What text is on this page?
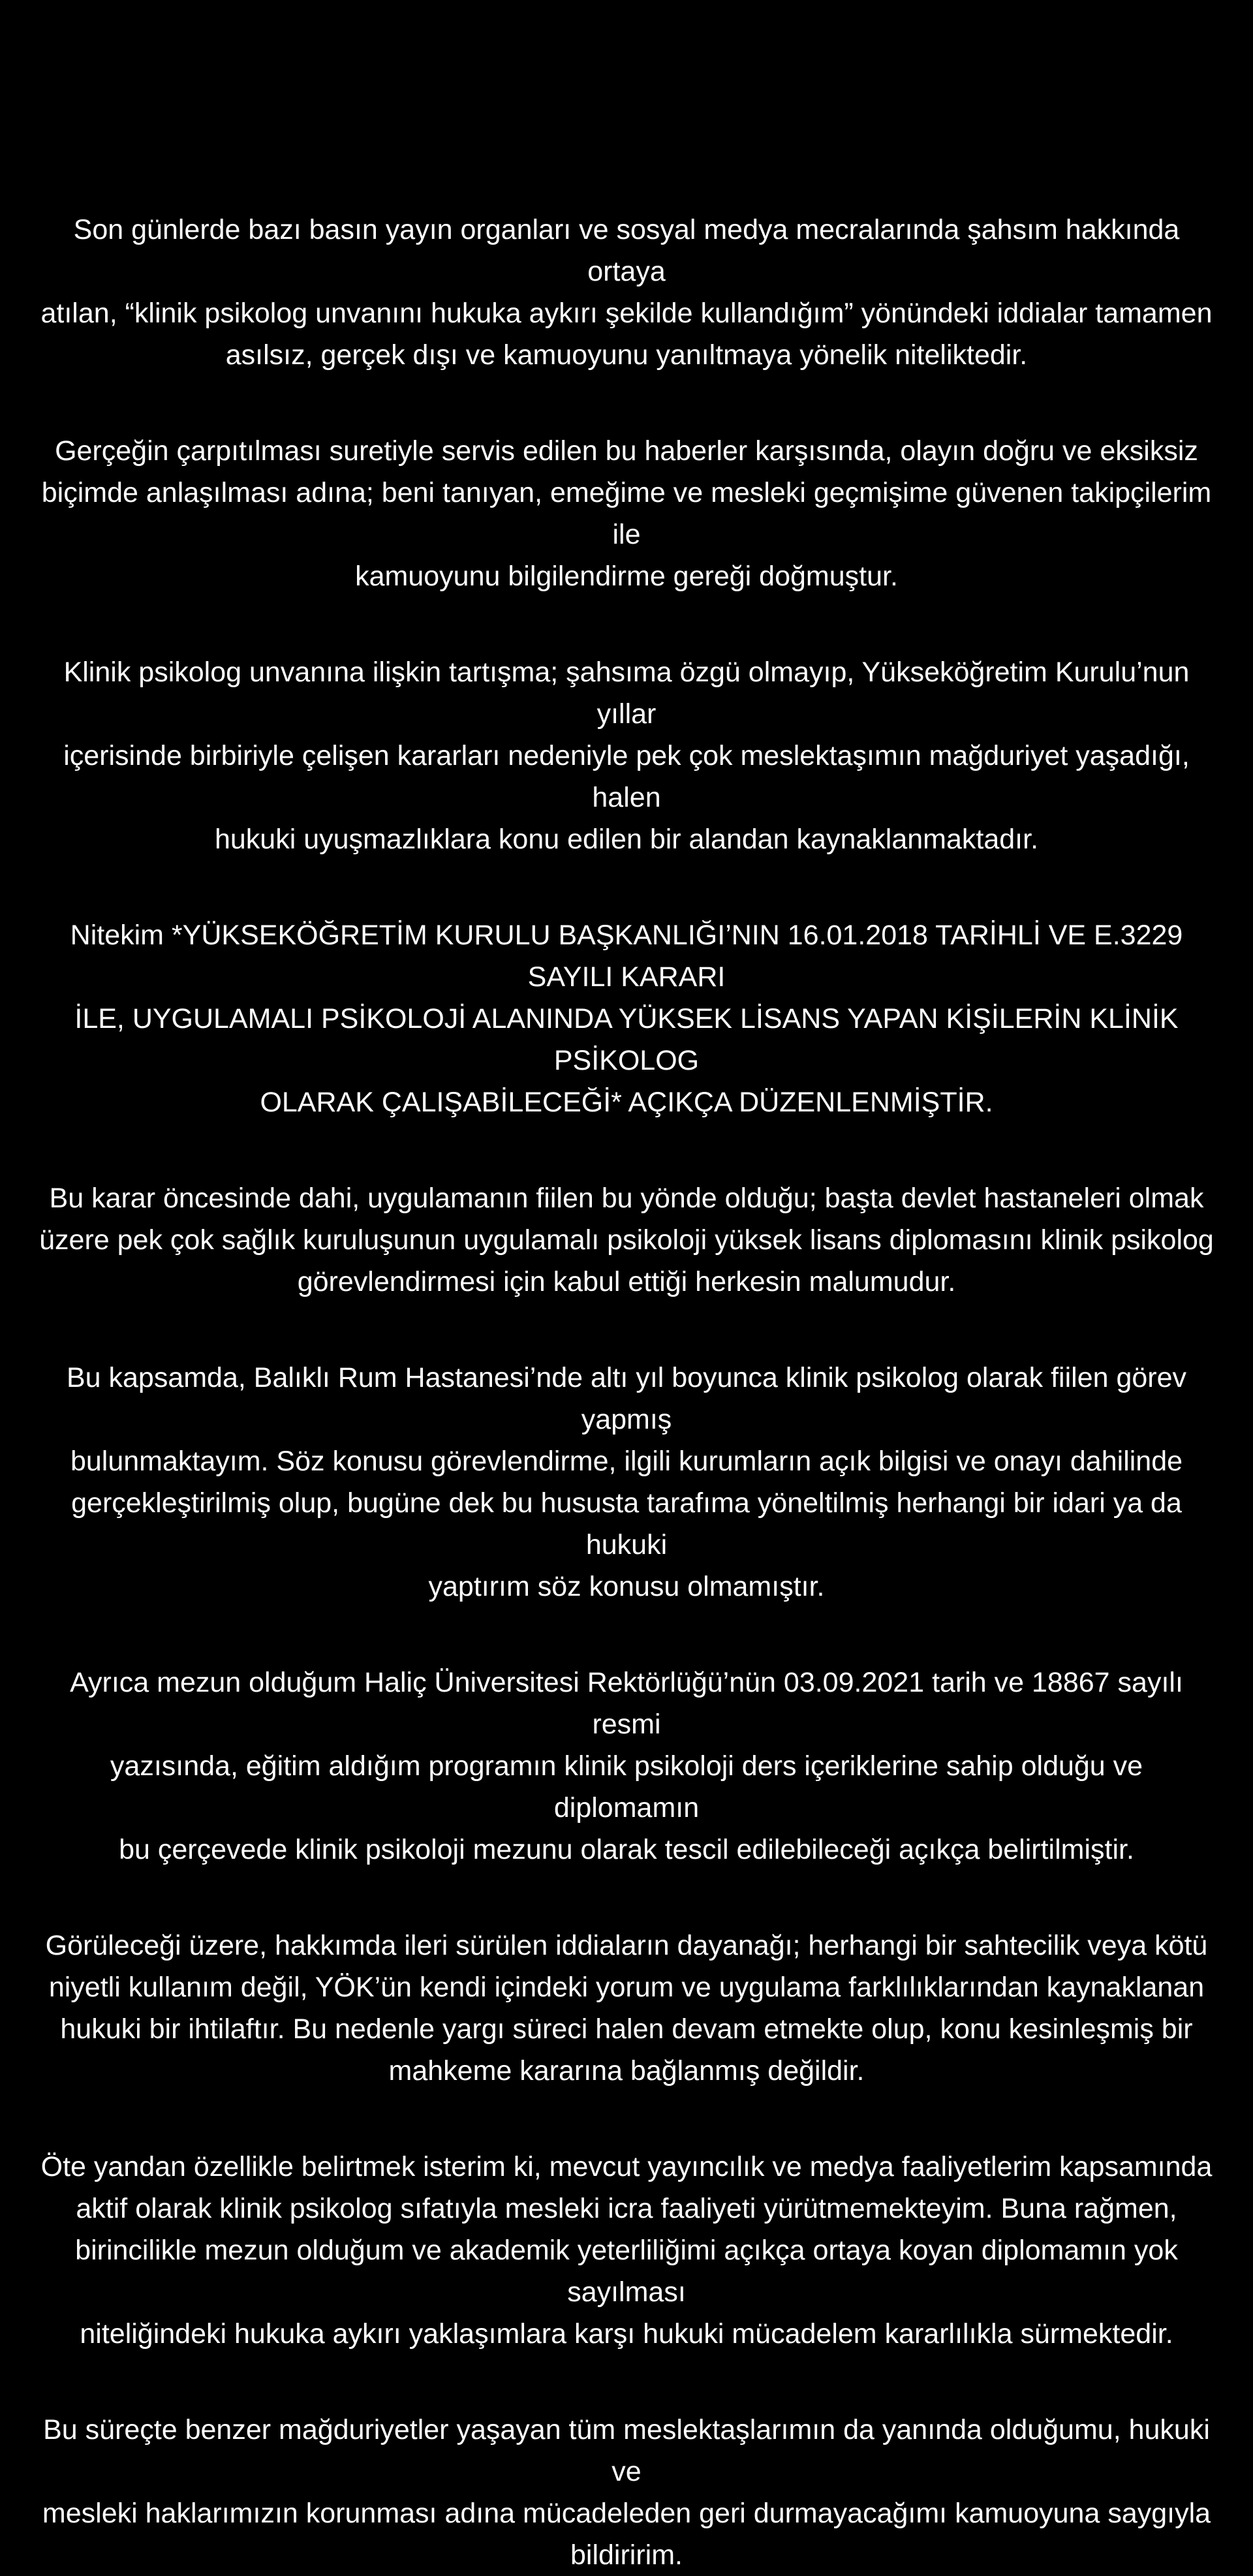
Son günlerde bazı basın yayın organları ve sosyal medya mecralarında şahsım hakkında ortaya
atılan, “klinik psikolog unvanını hukuka aykırı şekilde kullandığım” yönündeki iddialar tamamen
asılsız, gerçek dışı ve kamuoyunu yanıltmaya yönelik niteliktedir.

Gerçeğin çarpıtılması suretiyle servis edilen bu haberler karşısında, olayın doğru ve eksiksiz
biçimde anlaşılması adına; beni tanıyan, emeğime ve mesleki geçmişime güvenen takipçilerim ile
kamuoyunu bilgilendirme gereği doğmuştur.

Klinik psikolog unvanına ilişkin tartışma; şahsıma özgü olmayıp, Yükseköğretim Kurulu’nun yıllar
içerisinde birbiriyle çelişen kararları nedeniyle pek çok meslektaşımın mağduriyet yaşadığı, halen
hukuki uyuşmazlıklara konu edilen bir alandan kaynaklanmaktadır.

Nitekim *YÜKSEKÖĞRETİM KURULU BAŞKANLIĞI’NIN 16.01.2018 TARİHLİ VE E.3229 SAYILI KARARI
İLE, UYGULAMALI PSİKOLOJİ ALANINDA YÜKSEK LİSANS YAPAN KİŞİLERİN KLİNİK PSİKOLOG
OLARAK ÇALIŞABİLECEĞİ* AÇIKÇA DÜZENLENMİŞTİR.

Bu karar öncesinde dahi, uygulamanın fiilen bu yönde olduğu; başta devlet hastaneleri olmak
üzere pek çok sağlık kuruluşunun uygulamalı psikoloji yüksek lisans diplomasını klinik psikolog
görevlendirmesi için kabul ettiği herkesin malumudur.

Bu kapsamda, Balıklı Rum Hastanesi’nde altı yıl boyunca klinik psikolog olarak fiilen görev yapmış
bulunmaktayım. Söz konusu görevlendirme, ilgili kurumların açık bilgisi ve onayı dahilinde
gerçekleştirilmiş olup, bugüne dek bu hususta tarafıma yöneltilmiş herhangi bir idari ya da hukuki
yaptırım söz konusu olmamıştır.

Ayrıca mezun olduğum Haliç Üniversitesi Rektörlüğü’nün 03.09.2021 tarih ve 18867 sayılı resmi
yazısında, eğitim aldığım programın klinik psikoloji ders içeriklerine sahip olduğu ve diplomamın
bu çerçevede klinik psikoloji mezunu olarak tescil edilebileceği açıkça belirtilmiştir.

Görüleceği üzere, hakkımda ileri sürülen iddiaların dayanağı; herhangi bir sahtecilik veya kötü
niyetli kullanım değil, YÖK’ün kendi içindeki yorum ve uygulama farklılıklarından kaynaklanan
hukuki bir ihtilaftır. Bu nedenle yargı süreci halen devam etmekte olup, konu kesinleşmiş bir
mahkeme kararına bağlanmış değildir.

Öte yandan özellikle belirtmek isterim ki, mevcut yayıncılık ve medya faaliyetlerim kapsamında
aktif olarak klinik psikolog sıfatıyla mesleki icra faaliyeti yürütmemekteyim. Buna rağmen,
birincilikle mezun olduğum ve akademik yeterliliğimi açıkça ortaya koyan diplomamın yok sayılması
niteliğindeki hukuka aykırı yaklaşımlara karşı hukuki mücadelem kararlılıkla sürmektedir.

Bu süreçte benzer mağduriyetler yaşayan tüm meslektaşlarımın da yanında olduğumu, hukuki ve
mesleki haklarımızın korunması adına mücadeleden geri durmayacağımı kamuoyuna saygıyla
bildiririm.
